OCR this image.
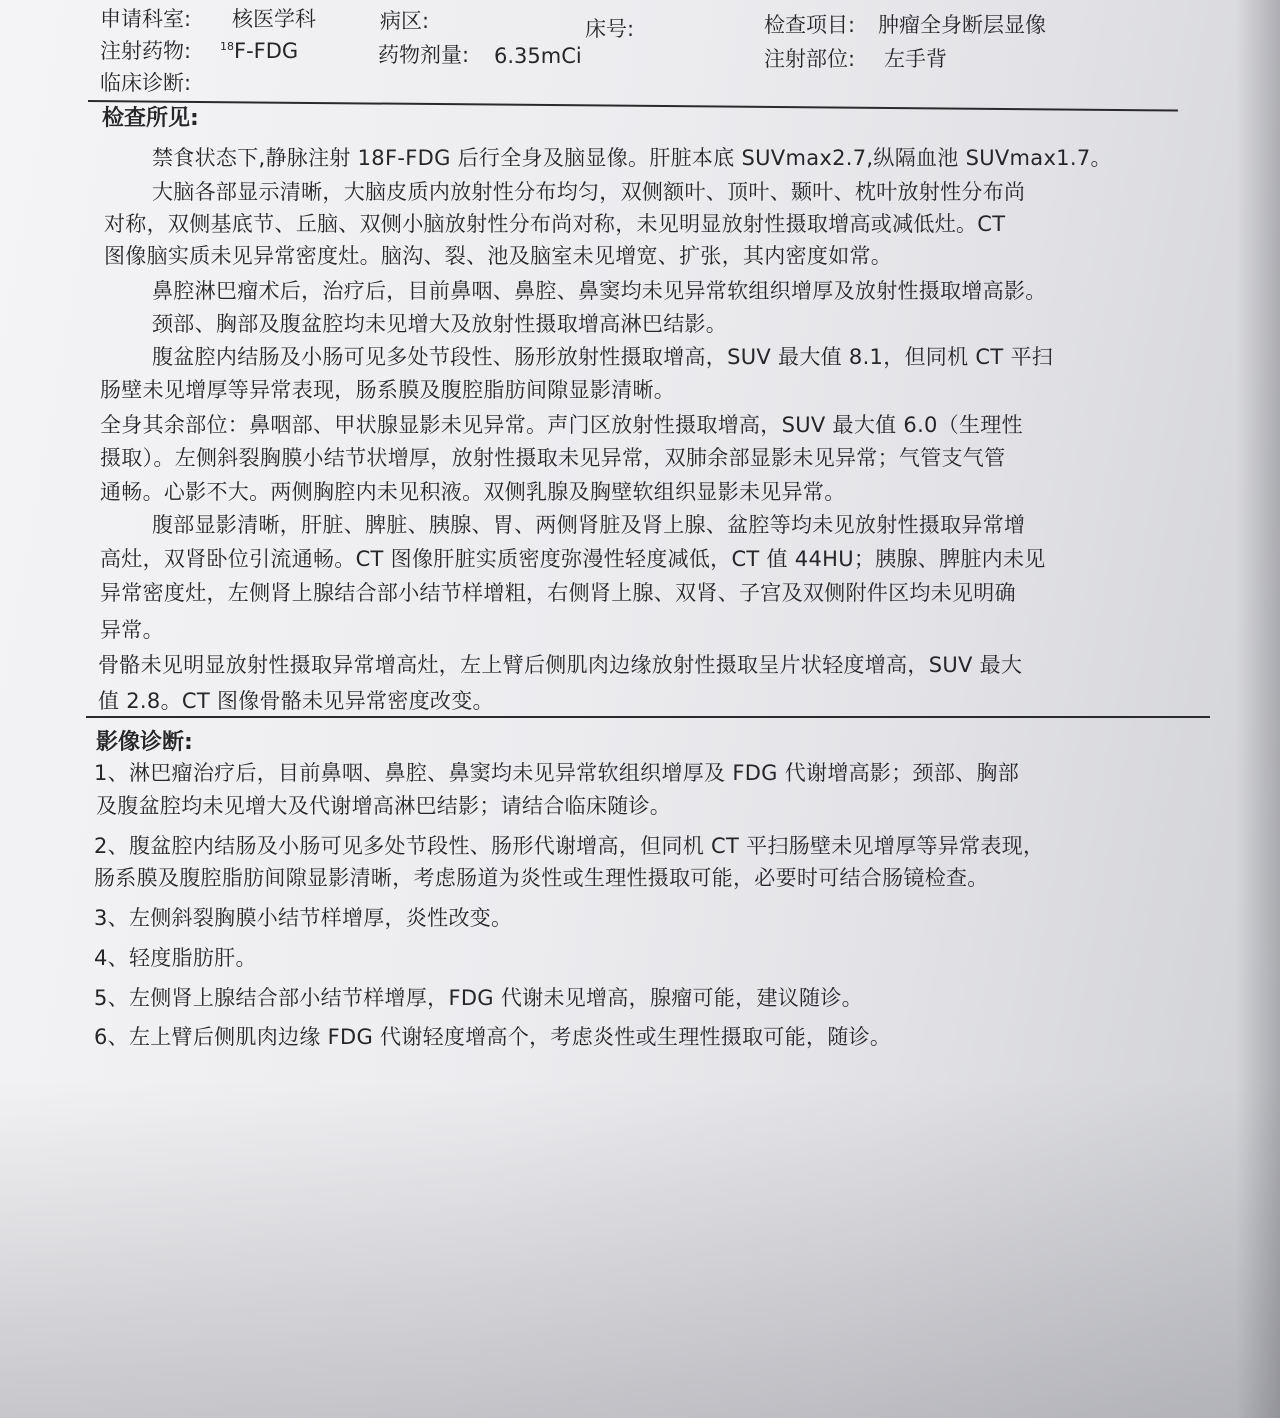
申请科室: 核医学科	病区:	床号:	检查项目: 肿瘤全身断层显像
注射药物:	$^{18}$F-FDG	药物剂量: 6.35mCi	注射部位: 左手背
临床诊断:
检查所见:
禁食状态下,静脉注射 18F-FDG 后行全身及脑显像。肝脏本底 SUVmax2.7,纵隔血池 SUVmax1.7。
大脑各部显示清晰，大脑皮质内放射性分布均匀，双侧额叶、顶叶、颞叶、枕叶放射性分布尚
对称，双侧基底节、丘脑、双侧小脑放射性分布尚对称，未见明显放射性摄取增高或减低灶。CT
图像脑实质未见异常密度灶。脑沟、裂、池及脑室未见增宽、扩张，其内密度如常。
鼻腔淋巴瘤术后，治疗后，目前鼻咽、鼻腔、鼻窦均未见异常软组织增厚及放射性摄取增高影。
颈部、胸部及腹盆腔均未见增大及放射性摄取增高淋巴结影。
腹盆腔内结肠及小肠可见多处节段性、肠形放射性摄取增高，SUV 最大值 8.1，但同机 CT 平扫
肠壁未见增厚等异常表现，肠系膜及腹腔脂肪间隙显影清晰。
全身其余部位：鼻咽部、甲状腺显影未见异常。声门区放射性摄取增高，SUV 最大值 6.0（生理性
摄取）。左侧斜裂胸膜小结节状增厚，放射性摄取未见异常，双肺余部显影未见异常；气管支气管
通畅。心影不大。两侧胸腔内未见积液。双侧乳腺及胸壁软组织显影未见异常。
腹部显影清晰，肝脏、脾脏、胰腺、胃、两侧肾脏及肾上腺、盆腔等均未见放射性摄取异常增
高灶，双肾卧位引流通畅。CT 图像肝脏实质密度弥漫性轻度减低，CT 值 44HU；胰腺、脾脏内未见
异常密度灶，左侧肾上腺结合部小结节样增粗，右侧肾上腺、双肾、子宫及双侧附件区均未见明确
异常。
骨骼未见明显放射性摄取异常增高灶，左上臂后侧肌肉边缘放射性摄取呈片状轻度增高，SUV 最大
值 2.8。CT 图像骨骼未见异常密度改变。
影像诊断:
1、淋巴瘤治疗后，目前鼻咽、鼻腔、鼻窦均未见异常软组织增厚及 FDG 代谢增高影；颈部、胸部
及腹盆腔均未见增大及代谢增高淋巴结影；请结合临床随诊。
2、腹盆腔内结肠及小肠可见多处节段性、肠形代谢增高，但同机 CT 平扫肠壁未见增厚等异常表现，
肠系膜及腹腔脂肪间隙显影清晰，考虑肠道为炎性或生理性摄取可能，必要时可结合肠镜检查。
3、左侧斜裂胸膜小结节样增厚，炎性改变。
4、轻度脂肪肝。
5、左侧肾上腺结合部小结节样增厚，FDG 代谢未见增高，腺瘤可能，建议随诊。
6、左上臂后侧肌肉边缘 FDG 代谢轻度增高个，考虑炎性或生理性摄取可能，随诊。
